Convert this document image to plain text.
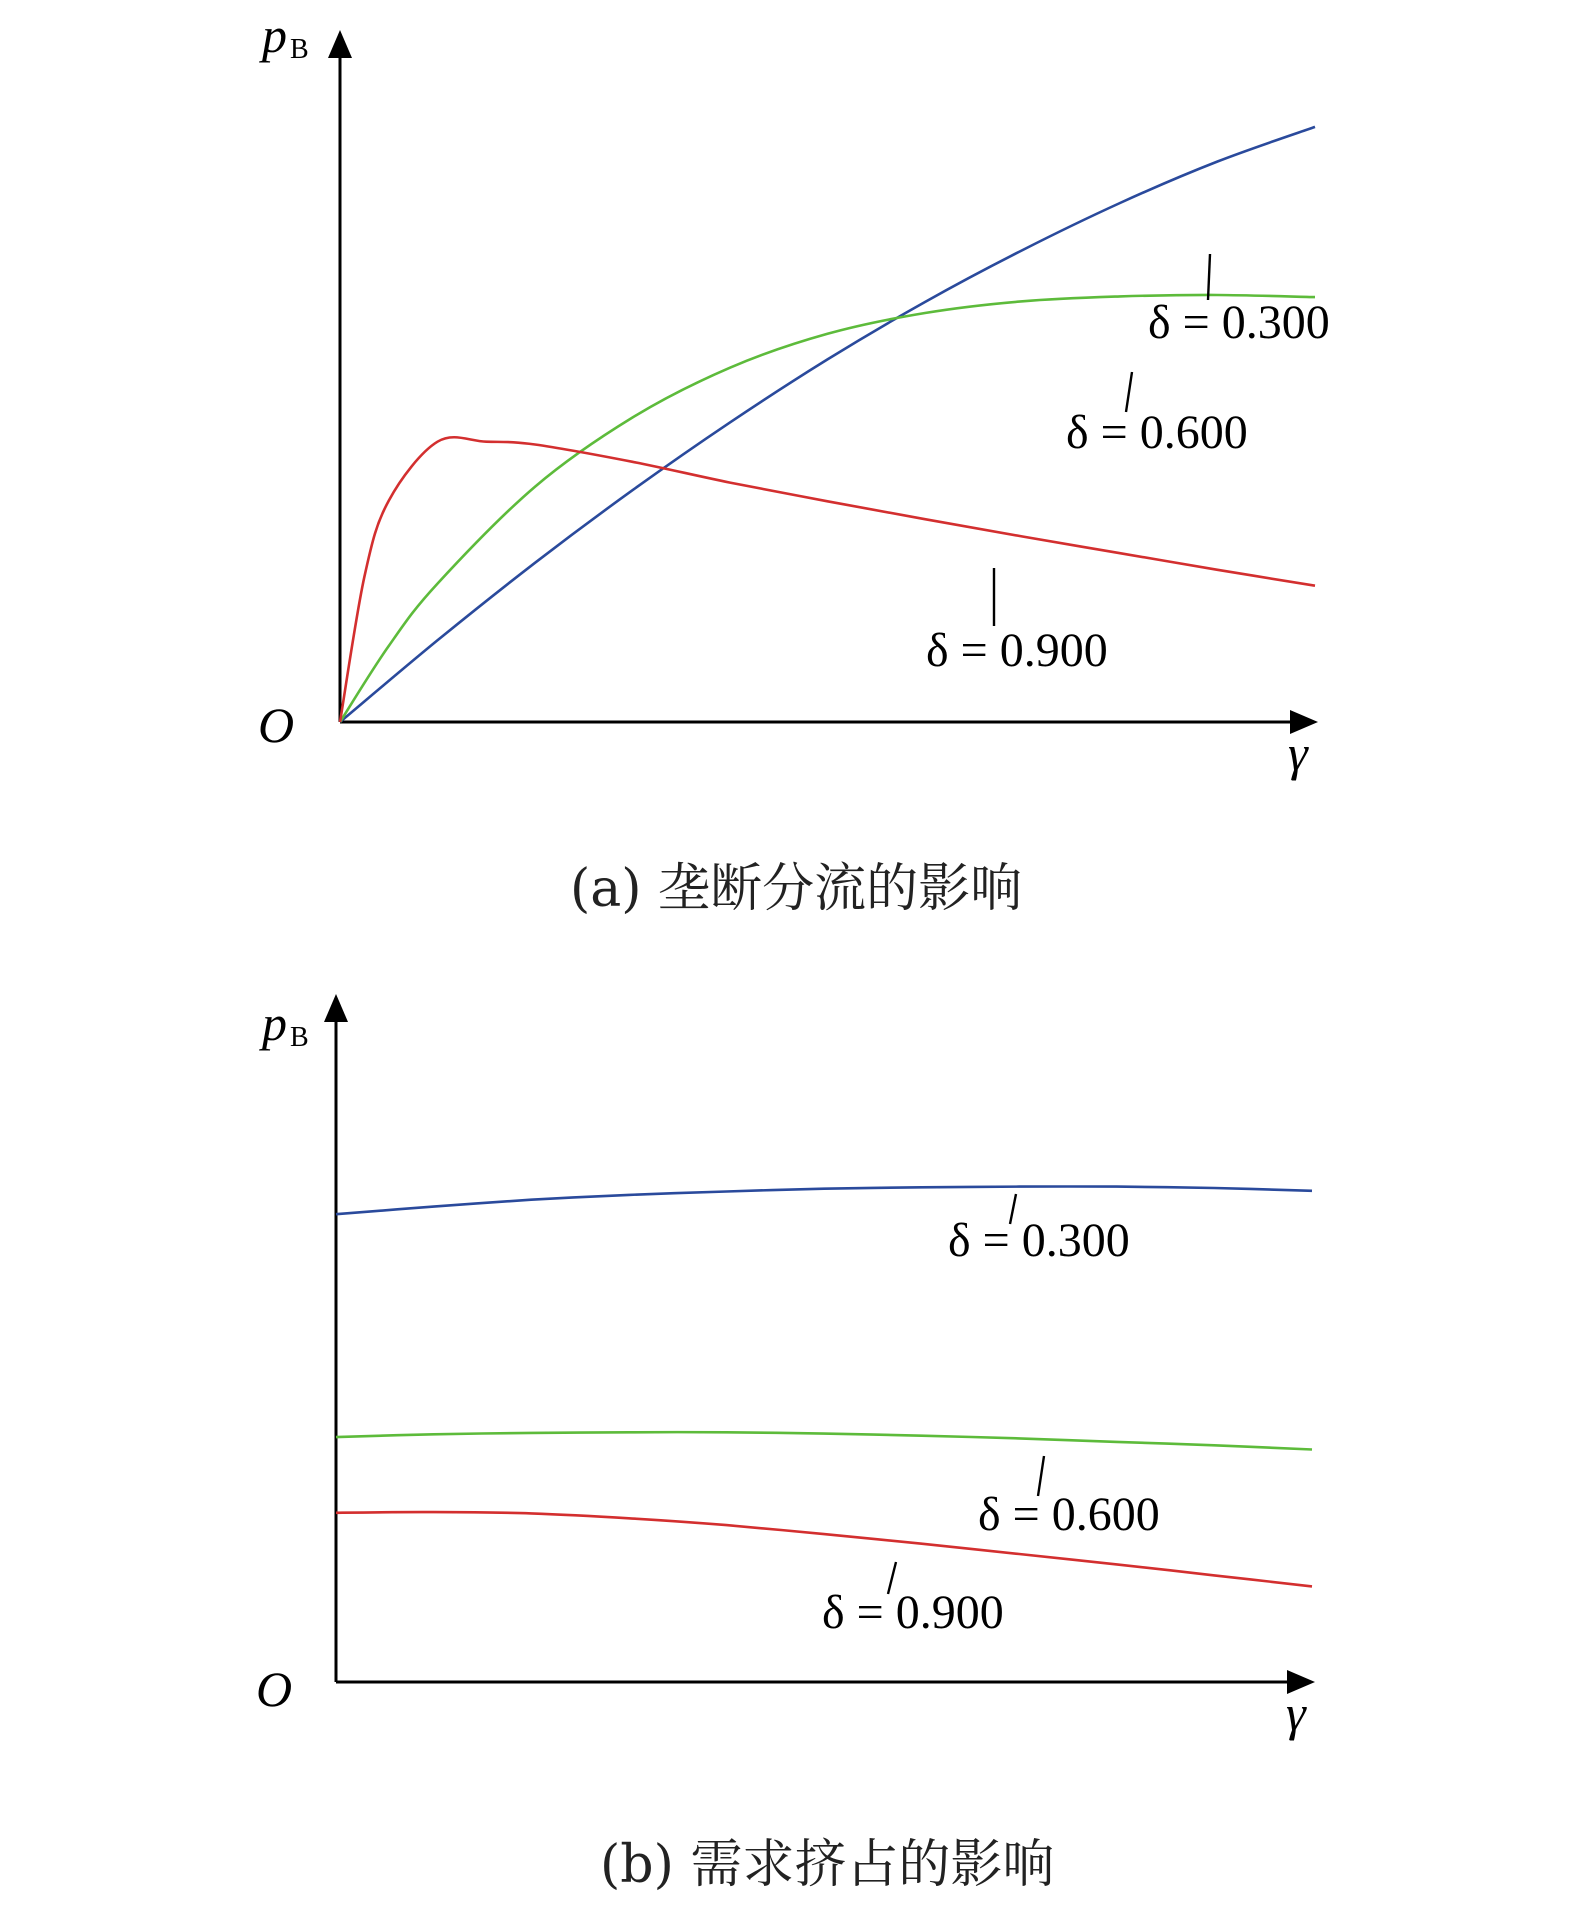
p B
γ
O
δ = 0.300
δ = 0.600
δ = 0.900
(a) 垄断分流的影响
p B
γ
O
δ = 0.300
δ = 0.600
δ = 0.900
(b) 需求挤占的影响
